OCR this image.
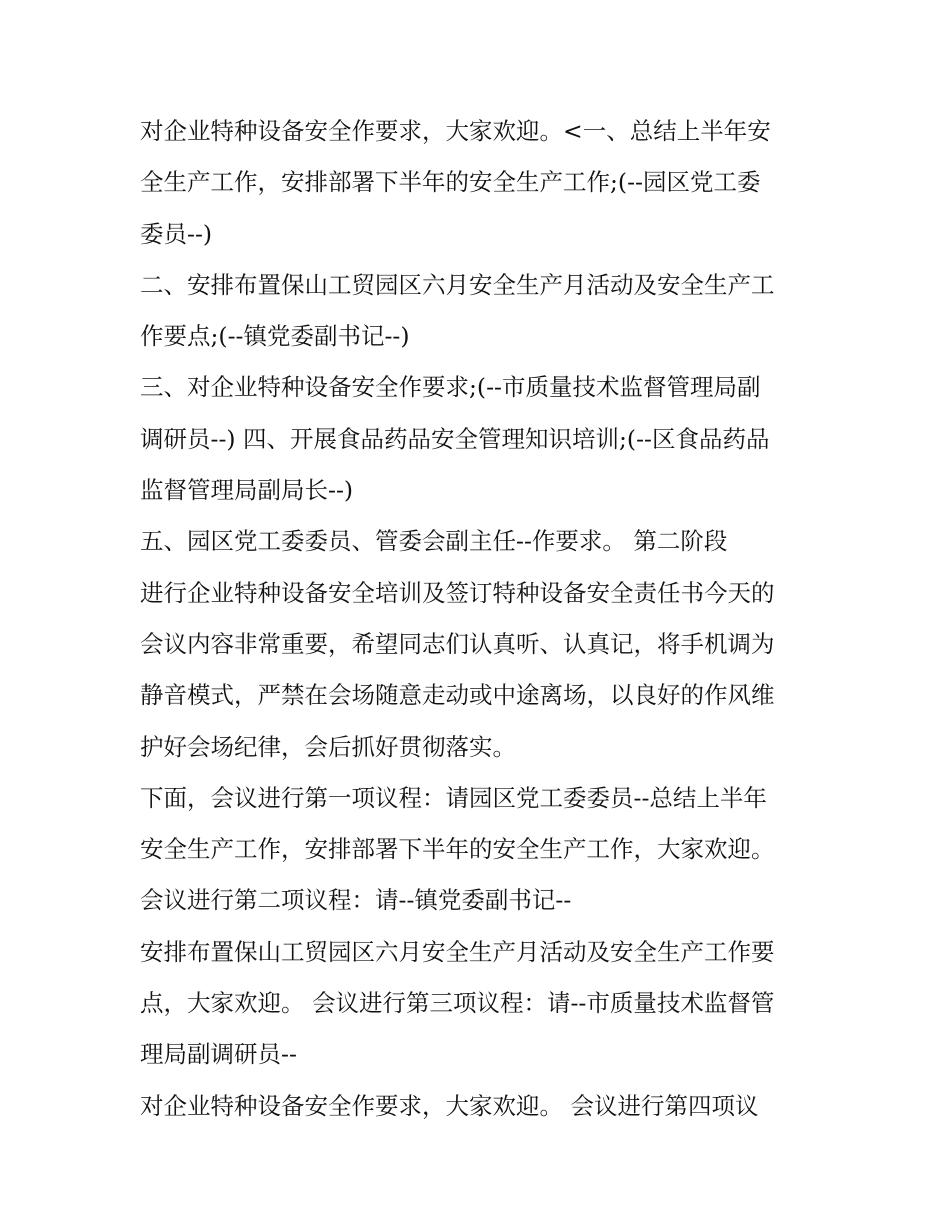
对企业特种设备安全作要求，大家欢迎。<一、总结上半年安
全生产工作，安排部署下半年的安全生产工作;(--园区党工委
委员--)
二、安排布置保山工贸园区六月安全生产月活动及安全生产工
作要点;(--镇党委副书记--)
三、对企业特种设备安全作要求;(--市质量技术监督管理局副
调研员--) 四、开展食品药品安全管理知识培训;(--区食品药品
监督管理局副局长--)
五、园区党工委委员、管委会副主任--作要求。 第二阶段
进行企业特种设备安全培训及签订特种设备安全责任书今天的
会议内容非常重要，希望同志们认真听、认真记，将手机调为
静音模式，严禁在会场随意走动或中途离场，以良好的作风维
护好会场纪律，会后抓好贯彻落实。
下面，会议进行第一项议程：请园区党工委委员--总结上半年
安全生产工作，安排部署下半年的安全生产工作，大家欢迎。
会议进行第二项议程：请--镇党委副书记--
安排布置保山工贸园区六月安全生产月活动及安全生产工作要
点，大家欢迎。 会议进行第三项议程：请--市质量技术监督管
理局副调研员--
对企业特种设备安全作要求，大家欢迎。 会议进行第四项议
